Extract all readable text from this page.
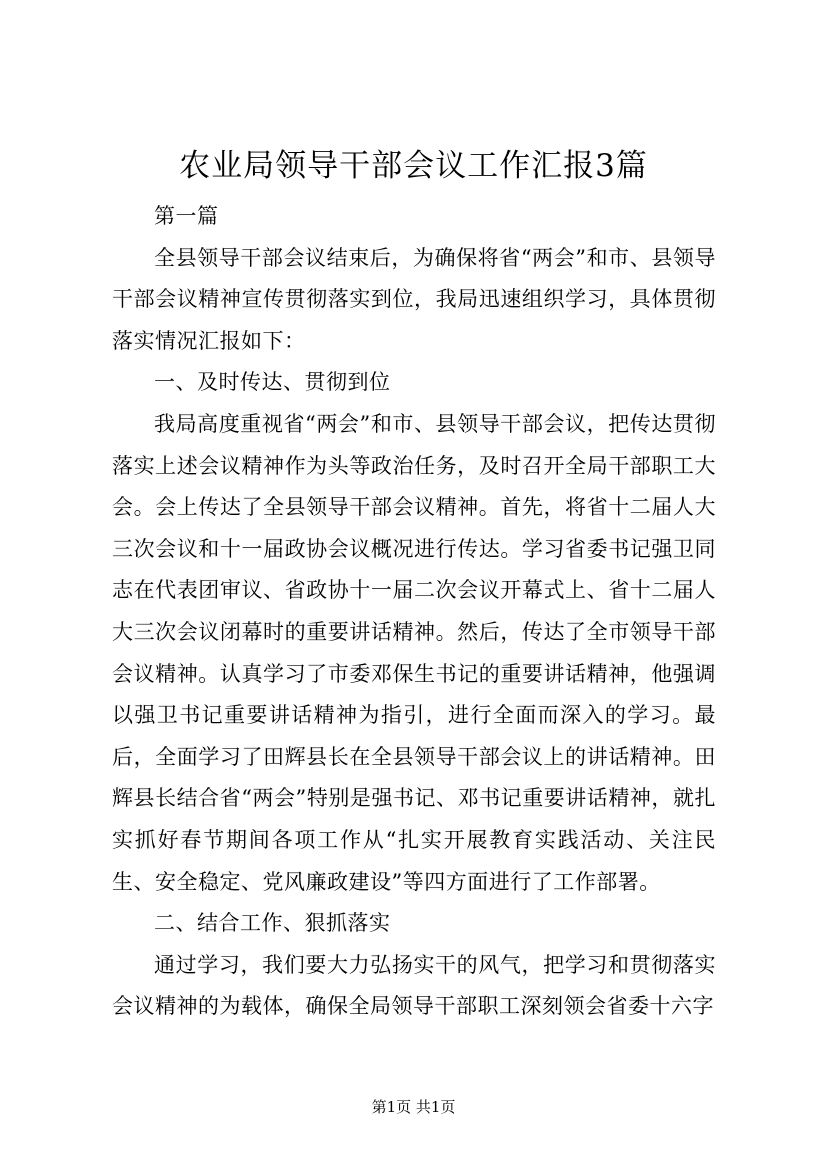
农业局领导干部会议工作汇报3篇

第一篇

全县领导干部会议结束后，为确保将省“两会”和市、县领导干部会议精神宣传贯彻落实到位，我局迅速组织学习，具体贯彻落实情况汇报如下：

一、及时传达、贯彻到位

我局高度重视省“两会”和市、县领导干部会议，把传达贯彻落实上述会议精神作为头等政治任务，及时召开全局干部职工大会。会上传达了全县领导干部会议精神。首先，将省十二届人大三次会议和十一届政协会议概况进行传达。学习省委书记强卫同志在代表团审议、省政协十一届二次会议开幕式上、省十二届人大三次会议闭幕时的重要讲话精神。然后，传达了全市领导干部会议精神。认真学习了市委邓保生书记的重要讲话精神，他强调以强卫书记重要讲话精神为指引，进行全面而深入的学习。最后，全面学习了田辉县长在全县领导干部会议上的讲话精神。田辉县长结合省“两会”特别是强书记、邓书记重要讲话精神，就扎实抓好春节期间各项工作从“扎实开展教育实践活动、关注民生、安全稳定、党风廉政建设”等四方面进行了工作部署。

二、结合工作、狠抓落实

通过学习，我们要大力弘扬实干的风气，把学习和贯彻落实会议精神的为载体，确保全局领导干部职工深刻领会省委十六字

第1页 共1页
